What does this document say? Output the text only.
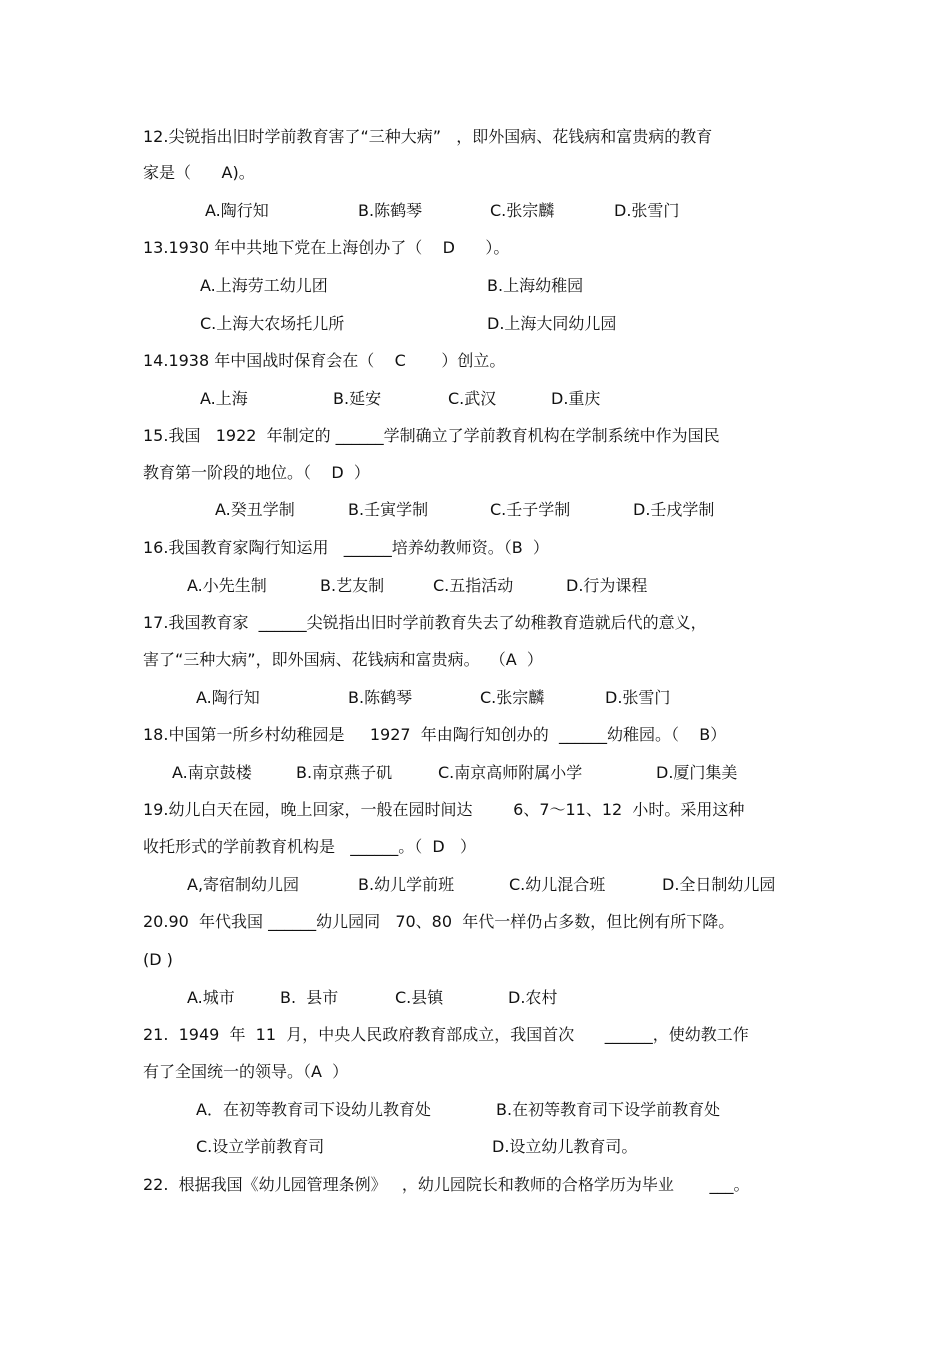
12.尖锐指出旧时学前教育害了“三种大病”   ，即外国病、花钱病和富贵病的教育
家是（      A)。
A.陶行知	B.陈鹤琴	C.张宗麟	D.张雪门
13.1930 年中共地下党在上海创办了（    D      ）。
A.上海劳工幼儿团	B.上海幼稚园
C.上海大农场托儿所	D.上海大同幼儿园
14.1938 年中国战时保育会在（    C       ）创立。
A.上海	B.延安	C.武汉	D.重庆
15.我国   1922  年制定的 ______学制确立了学前教育机构在学制系统中作为国民
教育第一阶段的地位。（    D  ）
A.癸丑学制	B.壬寅学制	C.壬子学制	D.壬戌学制
16.我国教育家陶行知运用   ______培养幼教师资。（B  ）
A.小先生制	B.艺友制	C.五指活动	D.行为课程
17.我国教育家  ______尖锐指出旧时学前教育失去了幼稚教育造就后代的意义，
害了“三种大病”，即外国病、花钱病和富贵病。  （A  ）
A.陶行知	B.陈鹤琴	C.张宗麟	D.张雪门
18.中国第一所乡村幼稚园是     1927  年由陶行知创办的  ______幼稚园。（    B）
A.南京鼓楼	B.南京燕子矶	C.南京高师附属小学	D.厦门集美
19.幼儿白天在园，晚上回家，一般在园时间达        6、7～11、12  小时。采用这种
收托形式的学前教育机构是   ______。（  D   ）
A,寄宿制幼儿园	B.幼儿学前班	C.幼儿混合班	D.全日制幼儿园
20.90  年代我国 ______幼儿园同   70、80  年代一样仍占多数，但比例有所下降。
(D )
A.城市	B.  县市	C.县镇	D.农村
21.  1949  年  11  月，中央人民政府教育部成立，我国首次      ______，使幼教工作
有了全国统一的领导。（A  ）
A．在初等教育司下设幼儿教育处	B.在初等教育司下设学前教育处
C.设立学前教育司	D.设立幼儿教育司。
22.  根据我国《幼儿园管理条例》   ，幼儿园院长和教师的合格学历为毕业       ___。
